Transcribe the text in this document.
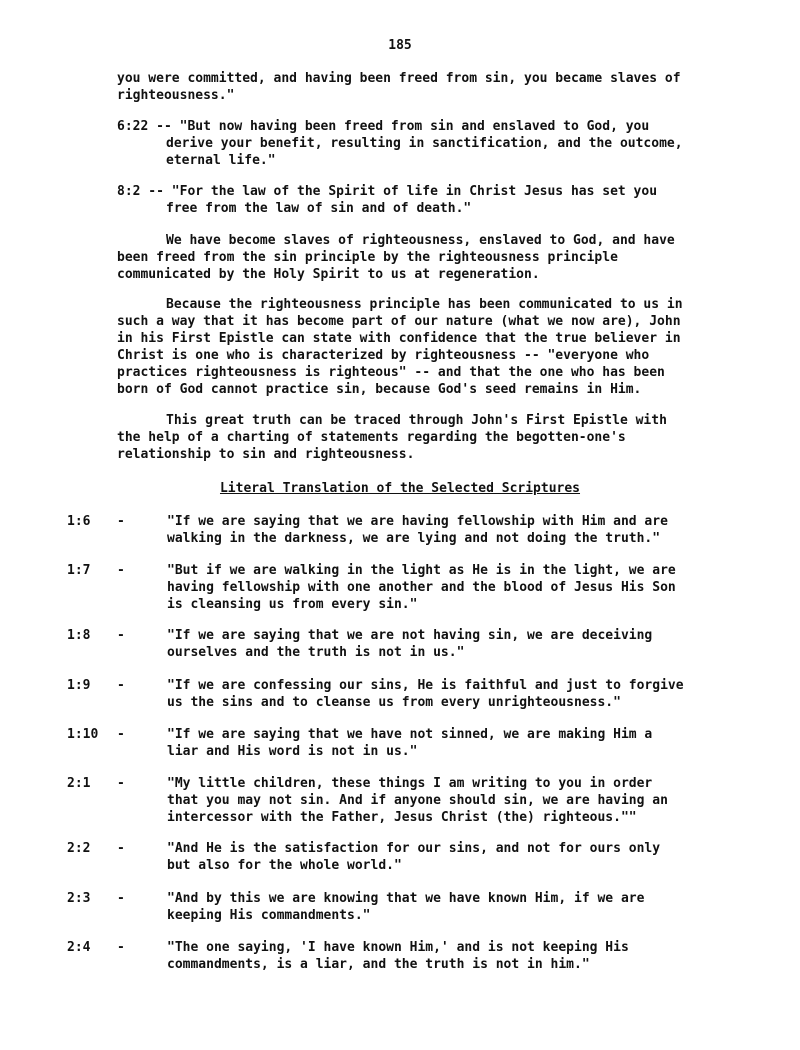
185
you were committed, and having been freed from sin, you became slaves of
righteousness."
6:22 -- "But now having been freed from sin and enslaved to God, you
derive your benefit, resulting in sanctification, and the outcome,
eternal life."
8:2 -- "For the law of the Spirit of life in Christ Jesus has set you
free from the law of sin and of death."
We have become slaves of righteousness, enslaved to God, and have
been freed from the sin principle by the righteousness principle
communicated by the Holy Spirit to us at regeneration.
Because the righteousness principle has been communicated to us in
such a way that it has become part of our nature (what we now are), John
in his First Epistle can state with confidence that the true believer in
Christ is one who is characterized by righteousness -- "everyone who
practices righteousness is righteous" -- and that the one who has been
born of God cannot practice sin, because God's seed remains in Him.
This great truth can be traced through John's First Epistle with
the help of a charting of statements regarding the begotten-one's
relationship to sin and righteousness.
Literal Translation of the Selected Scriptures
1:6	-	"If we are saying that we are having fellowship with Him and are
walking in the darkness, we are lying and not doing the truth."
1:7	-	"But if we are walking in the light as He is in the light, we are
having fellowship with one another and the blood of Jesus His Son
is cleansing us from every sin."
1:8	-	"If we are saying that we are not having sin, we are deceiving
ourselves and the truth is not in us."
1:9	-	"If we are confessing our sins, He is faithful and just to forgive
us the sins and to cleanse us from every unrighteousness."
1:10	-	"If we are saying that we have not sinned, we are making Him a
liar and His word is not in us."
2:1	-	"My little children, these things I am writing to you in order
that you may not sin. And if anyone should sin, we are having an
intercessor with the Father, Jesus Christ (the) righteous.""
2:2	-	"And He is the satisfaction for our sins, and not for ours only
but also for the whole world."
2:3	-	"And by this we are knowing that we have known Him, if we are
keeping His commandments."
2:4	-	"The one saying, 'I have known Him,' and is not keeping His
commandments, is a liar, and the truth is not in him."
